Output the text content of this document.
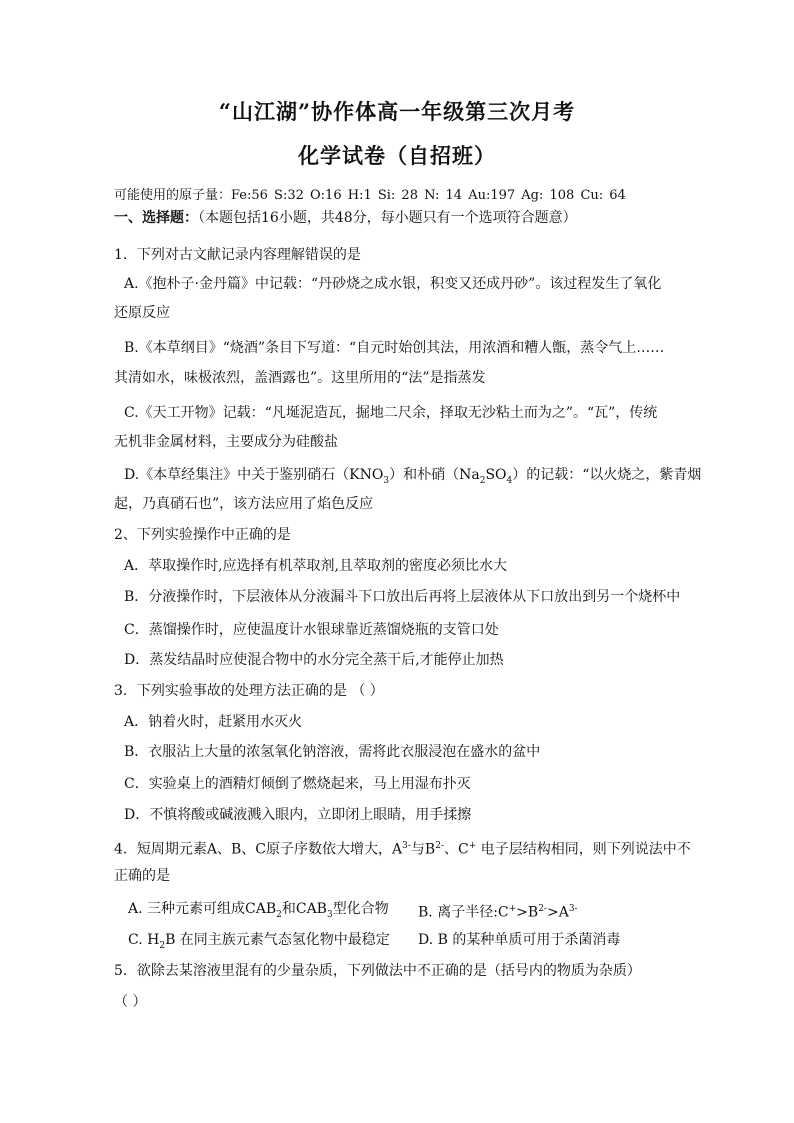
“山江湖”协作体高一年级第三次月考
化学试卷（自招班）
可能使用的原子量：Fe:56 S:32 O:16 H:1 Si: 28 N: 14 Au:197 Ag: 108 Cu: 64
一、选择题：（本题包括16小题，共48分，每小题只有一个选项符合题意）
1．下列对古文献记录内容理解错误的是
A.《抱朴子·金丹篇》中记载：“丹砂烧之成水银，积变又还成丹砂”。该过程发生了氧化
还原反应
B.《本草纲目》“烧酒”条目下写道：“自元时始创其法，用浓酒和糟人甑，蒸令气上……
其清如水，味极浓烈，盖酒露也”。这里所用的“法”是指蒸发
C.《天工开物》记载：“凡埏泥造瓦，掘地二尺余，择取无沙粘土而为之”。“瓦”，传统
无机非金属材料，主要成分为硅酸盐
D.《本草经集注》中关于鉴别硝石$(KNO_3)$和朴硝$(Na_2SO_4)$的记载：“以火烧之，紫青烟
起，乃真硝石也”，该方法应用了焰色反应
2、下列实验操作中正确的是
A．萃取操作时,应选择有机萃取剂,且萃取剂的密度必须比水大
B．分液操作时，下层液体从分液漏斗下口放出后再将上层液体从下口放出到另一个烧杯中
C．蒸馏操作时，应使温度计水银球靠近蒸馏烧瓶的支管口处
D．蒸发结晶时应使混合物中的水分完全蒸干后,才能停止加热
3．下列实验事故的处理方法正确的是 （ ）
A．钠着火时，赶紧用水灭火
B．衣服沾上大量的浓氢氧化钠溶液，需将此衣服浸泡在盛水的盆中
C．实验桌上的酒精灯倾倒了燃烧起来，马上用湿布扑灭
D．不慎将酸或碱液溅入眼内，立即闭上眼睛，用手揉擦
4．短周期元素A、B、C原子序数依大增大，$A^{3-}$与$B^{2-}$、C+ 电子层结构相同，则下列说法中不
正确的是
A. 三种元素可组成$CAB_2$和$CAB_3$型化合物 B. 离子半径$:C^+>B^{2-}>A^{3-}$
C. $H_2B$ 在同主族元素气态氢化物中最稳定 D. B 的某种单质可用于杀菌消毒
5．欲除去某溶液里混有的少量杂质，下列做法中不正确的是（括号内的物质为杂质）
（ ）
